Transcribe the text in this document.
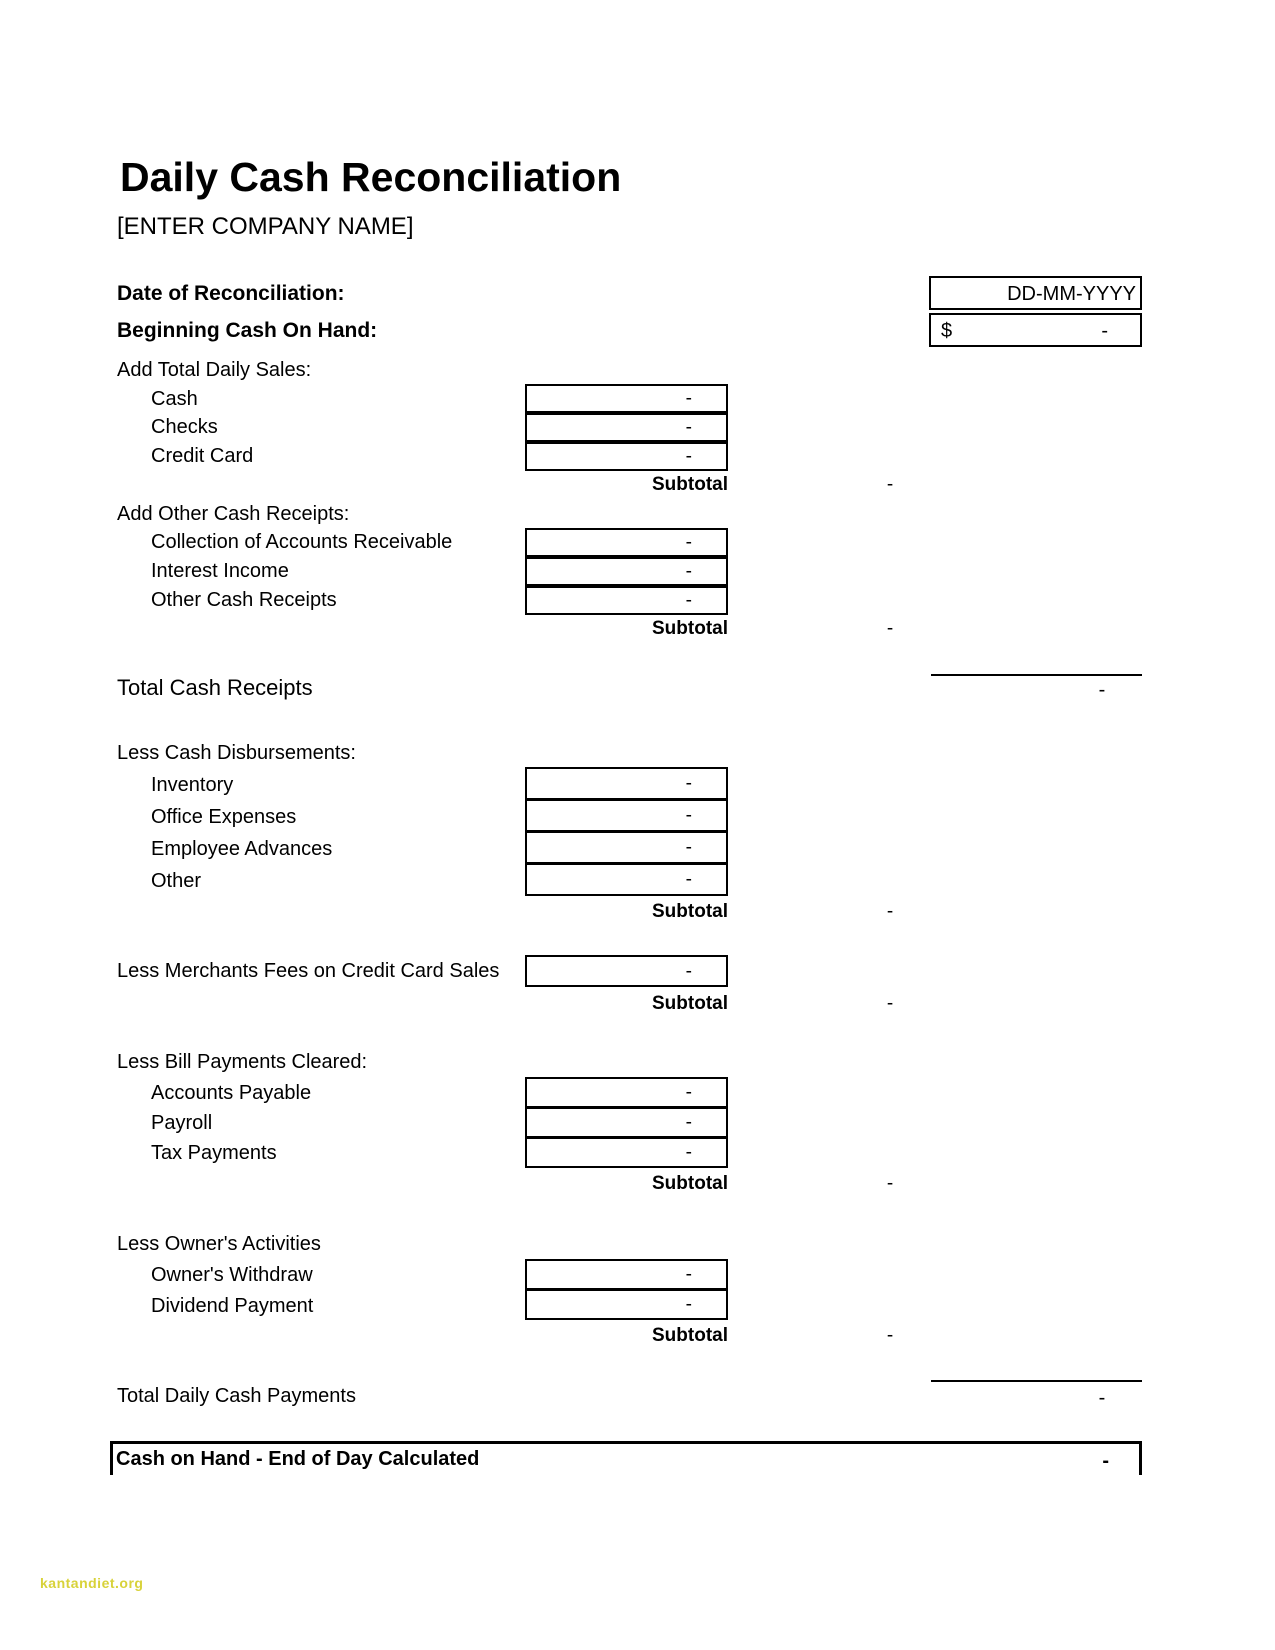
Daily Cash Reconciliation
[ENTER COMPANY NAME]
Date of Reconciliation:	DD-MM-YYYY
Beginning Cash On Hand:	$	-
Add Total Daily Sales:
Cash	-
Checks	-
Credit Card	-
Subtotal	-
Add Other Cash Receipts:
Collection of Accounts Receivable	-
Interest Income	-
Other Cash Receipts	-
Subtotal	-
Total Cash Receipts	-
Less Cash Disbursements:
Inventory	-
Office Expenses	-
Employee Advances	-
Other	-
Subtotal	-
Less Merchants Fees on Credit Card Sales	-
Subtotal	-
Less Bill Payments Cleared:
Accounts Payable	-
Payroll	-
Tax Payments	-
Subtotal	-
Less Owner's Activities
Owner's Withdraw	-
Dividend Payment	-
Subtotal	-
Total Daily Cash Payments	-
Cash on Hand - End of Day Calculated	-
kantandiet.org
